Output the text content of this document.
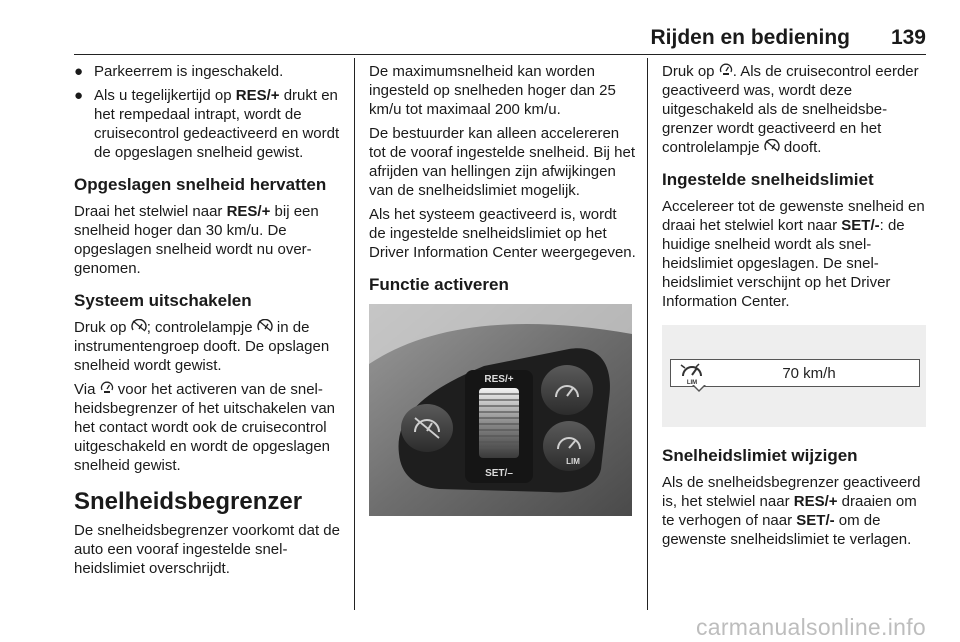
Rijden en bediening	139
● Parkeerrem is ingeschakeld.
● Als u tegelijkertijd op RES/+ drukt en het rempedaal intrapt, wordt de cruisecontrol gedeactiveerd en wordt de opgeslagen snelheid gewist.
Opgeslagen snelheid hervatten

Draai het stelwiel naar RES/+ bij een snelheid hoger dan 30 km/u. De opgeslagen snelheid wordt nu overgenomen.

Systeem uitschakelen

Druk op ; controlelampje  in de instrumentengroep dooft. De opslagen snelheid wordt gewist.

Via  voor het activeren van de snelheidsbegrenzer of het uitschakelen van het contact wordt ook de cruisecontrol uitgeschakeld en wordt de opgeslagen snelheid gewist.

Snelheidsbegrenzer

De snelheidsbegrenzer voorkomt dat de auto een vooraf ingestelde snelheidslimiet overschrijdt.

De maximumsnelheid kan worden ingesteld op snelheden hoger dan 25 km/u tot maximaal 200 km/u.

De bestuurder kan alleen accelereren tot de vooraf ingestelde snelheid. Bij het afrijden van hellingen zijn afwijkingen van de snelheidslimiet mogelijk.

Als het systeem geactiveerd is, wordt de ingestelde snelheidslimiet op het Driver Information Center weergegeven.

Functie activeren
RES/+
SET/–
LIM

Druk op . Als de cruisecontrol eerder geactiveerd was, wordt deze uitgeschakeld als de snelheidsbegrenzer wordt geactiveerd en het controlelampje  dooft.

Ingestelde snelheidslimiet

Accelereer tot de gewenste snelheid en draai het stelwiel kort naar SET/-: de huidige snelheid wordt als snelheidslimiet opgeslagen. De snelheidslimiet verschijnt op het Driver Information Center.

LIM
70 km/h
Snelheidslimiet wijzigen

Als de snelheidsbegrenzer geactiveerd is, het stelwiel naar RES/+ draaien om te verhogen of naar SET/- om de gewenste snelheidslimiet te verlagen.

carmanualsonline.info
